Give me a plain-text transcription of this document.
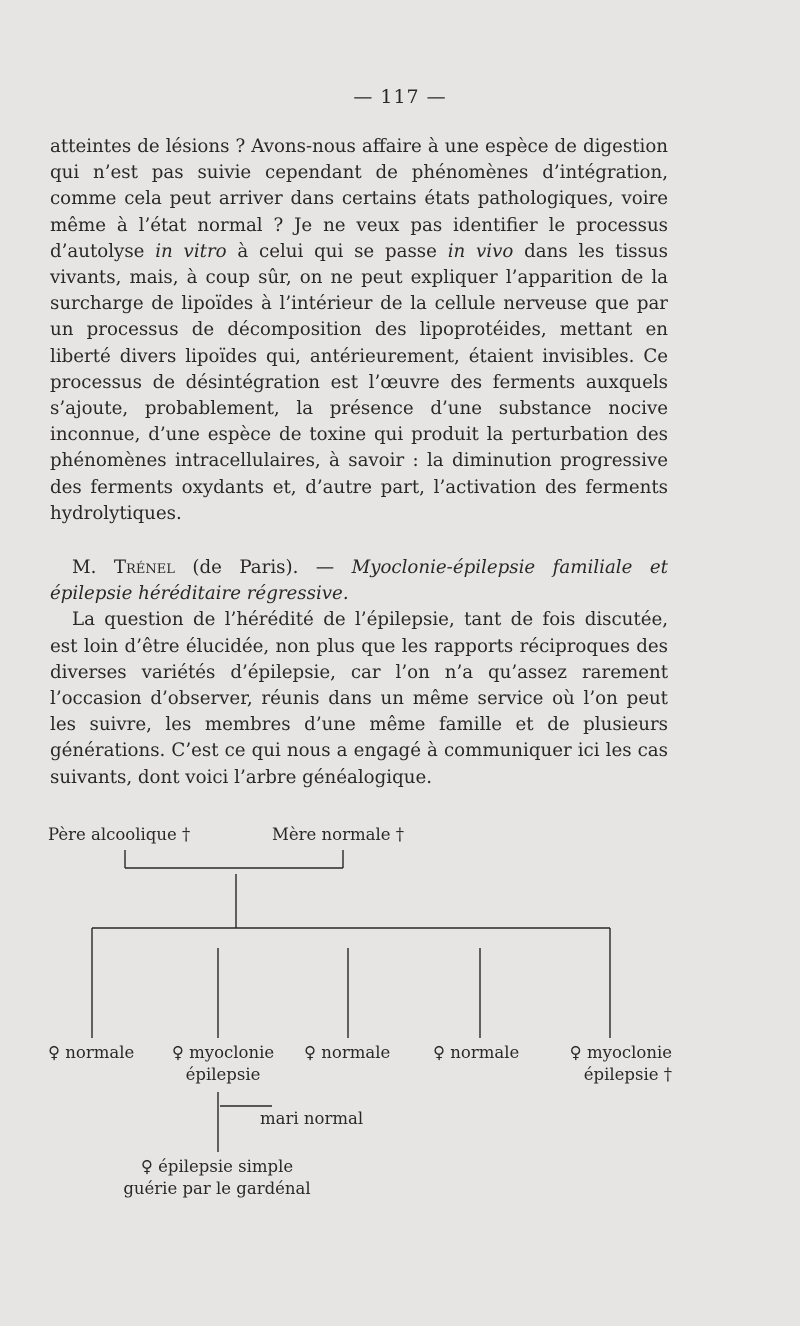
— 117 —

atteintes de lésions ? Avons-nous affaire à une espèce de digestion qui n’est pas suivie cependant de phénomènes d’intégration, comme cela peut arriver dans certains états pathologiques, voire même à l’état normal ? Je ne veux pas identifier le processus d’autolyse in vitro à celui qui se passe in vivo dans les tissus vivants, mais, à coup sûr, on ne peut expliquer l’apparition de la surcharge de lipoïdes à l’intérieur de la cellule nerveuse que par un processus de décomposition des lipoprotéides, mettant en liberté divers lipoïdes qui, antérieurement, étaient invisibles. Ce processus de désintégration est l’œuvre des ferments auxquels s’ajoute, probablement, la présence d’une substance nocive inconnue, d’une espèce de toxine qui produit la perturbation des phénomènes intracellulaires, à savoir : la diminution progressive des ferments oxydants et, d’autre part, l’activation des ferments hydrolytiques.

M. Trénel (de Paris). — Myoclonie-épilepsie familiale et épilepsie héréditaire régressive.

La question de l’hérédité de l’épilepsie, tant de fois discutée, est loin d’être élucidée, non plus que les rapports réciproques des diverses variétés d’épilepsie, car l’on n’a qu’assez rarement l’occasion d’observer, réunis dans un même service où l’on peut les suivre, les membres d’une même famille et de plusieurs générations. C’est ce qui nous a engagé à communiquer ici les cas suivants, dont voici l’arbre généalogique.

Père alcoolique †	Mère normale †
♀ normale	♀ myoclonie
épilepsie
♀ normale	♀ normale	♀ myoclonie
épilepsie †
mari normal
♀ épilepsie simple
guérie par le gardénal
